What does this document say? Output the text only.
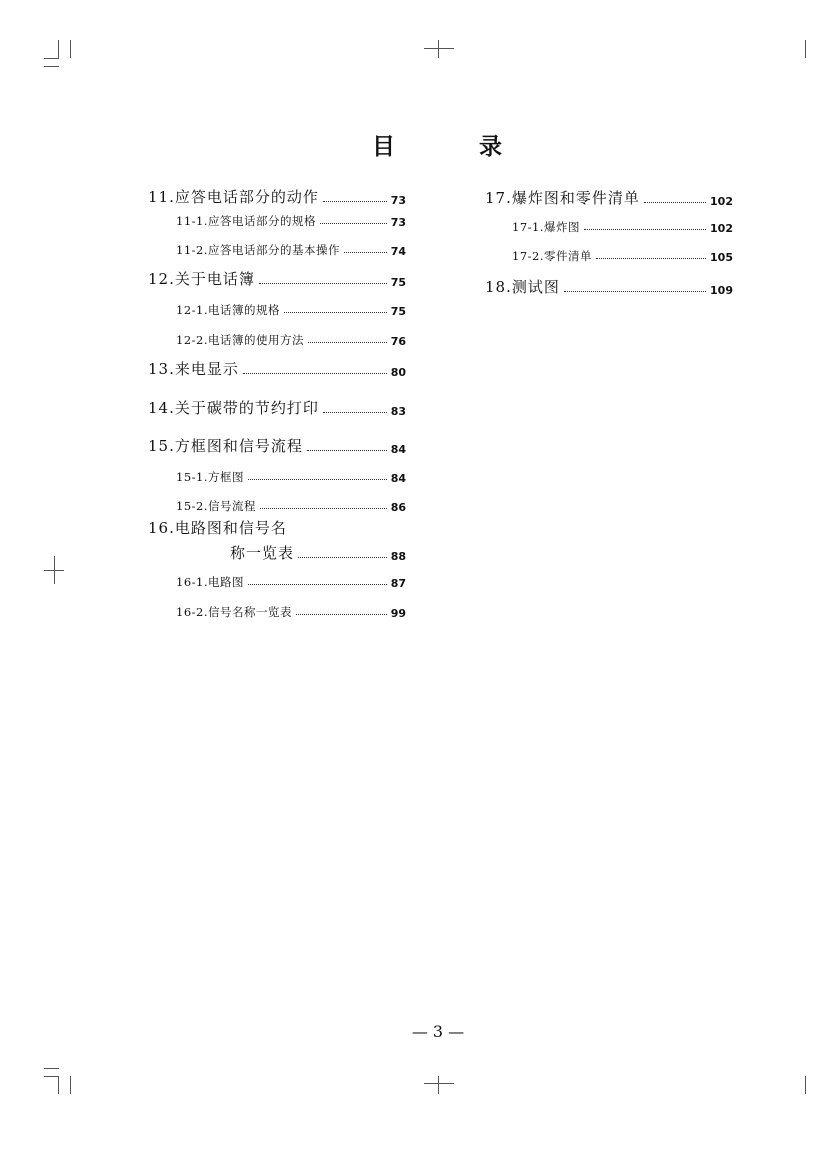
目	录
11.应答电话部分的动作	73
11-1.应答电话部分的规格	73
11-2.应答电话部分的基本操作	74
12.关于电话簿	75
12-1.电话簿的规格	75
12-2.电话簿的使用方法	76
13.来电显示	80
14.关于碳带的节约打印	83
15.方框图和信号流程	84
15-1.方框图	84
15-2.信号流程	86
16.电路图和信号名
称一览表	88
16-1.电路图	87
16-2.信号名称一览表	99
17.爆炸图和零件清单	102
17-1.爆炸图	102
17-2.零件清单	105
18.测试图	109
— 3 —
